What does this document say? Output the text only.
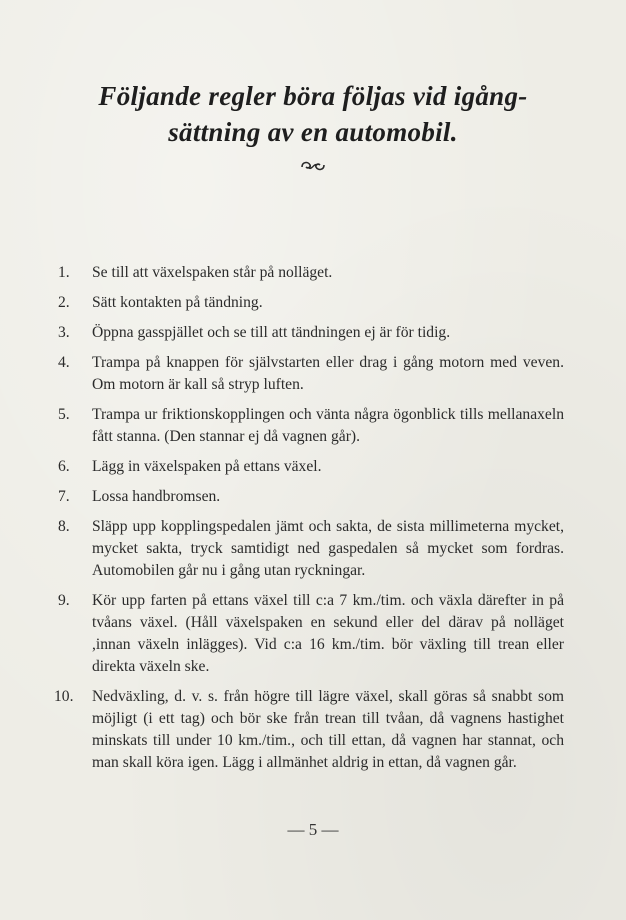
Följande regler böra följas vid igång-
sättning av en automobil.
1.	Se till att växelspaken står på nolläget.
2.	Sätt kontakten på tändning.
3.	Öppna gasspjället och se till att tändningen ej är för tidig.
4.	Trampa på knappen för självstarten eller drag i gång motorn med veven. Om motorn är kall så stryp luften.
5.	Trampa ur friktionskopplingen och vänta några ögonblick tills mellanaxeln fått stanna. (Den stannar ej då vagnen går).
6.	Lägg in växelspaken på ettans växel.
7.	Lossa handbromsen.
8.	Släpp upp kopplingspedalen jämt och sakta, de sista millimeterna mycket, mycket sakta, tryck samtidigt ned gaspedalen så mycket som fordras. Automobilen går nu i gång utan ryckningar.
9.	Kör upp farten på ettans växel till c:a 7 km./tim. och växla därefter in på tvåans växel. (Håll växelspaken en sekund eller del därav på nolläget ,innan växeln inlägges). Vid c:a 16 km./tim. bör växling till trean eller direkta växeln ske.
10.	Nedväxling, d. v. s. från högre till lägre växel, skall göras så snabbt som möjligt (i ett tag) och bör ske från trean till tvåan, då vagnens hastighet minskats till under 10 km./tim., och till ettan, då vagnen har stannat, och man skall köra igen. Lägg i allmänhet aldrig in ettan, då vagnen går.
— 5 —
